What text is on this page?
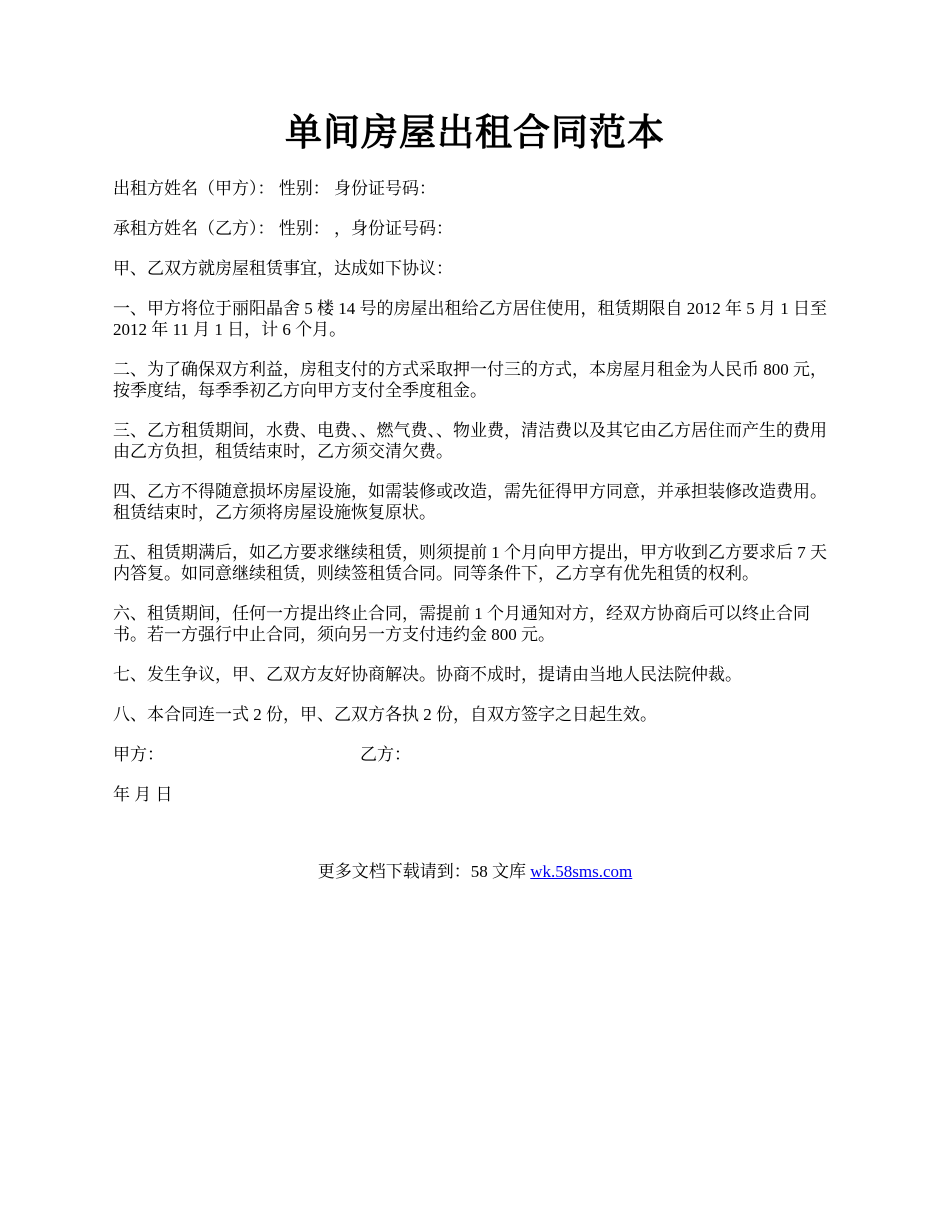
单间房屋出租合同范本

出租方姓名（甲方）： 性别： 身份证号码：

承租方姓名（乙方）： 性别： ，身份证号码：

甲、乙双方就房屋租赁事宜，达成如下协议：

一、甲方将位于丽阳晶舍 5 楼 14 号的房屋出租给乙方居住使用，租赁期限自 2012 年 5 月 1 日至 2012 年 11 月 1 日，计 6 个月。

二、为了确保双方利益，房租支付的方式采取押一付三的方式，本房屋月租金为人民币 800 元，按季度结，每季季初乙方向甲方支付全季度租金。

三、乙方租赁期间，水费、电费、、燃气费、、物业费，清洁费以及其它由乙方居住而产生的费用由乙方负担，租赁结束时，乙方须交清欠费。

四、乙方不得随意损坏房屋设施，如需装修或改造，需先征得甲方同意，并承担装修改造费用。租赁结束时，乙方须将房屋设施恢复原状。

五、租赁期满后，如乙方要求继续租赁，则须提前 1 个月向甲方提出，甲方收到乙方要求后 7 天内答复。如同意继续租赁，则续签租赁合同。同等条件下，乙方享有优先租赁的权利。

六、租赁期间，任何一方提出终止合同，需提前 1 个月通知对方，经双方协商后可以终止合同书。若一方强行中止合同，须向另一方支付违约金 800 元。

七、发生争议，甲、乙双方友好协商解决。协商不成时，提请由当地人民法院仲裁。

八、本合同连一式 2 份，甲、乙双方各执 2 份，自双方签字之日起生效。

甲方：	乙方：

年 月 日

更多文档下载请到：58 文库 wk.58sms.com
